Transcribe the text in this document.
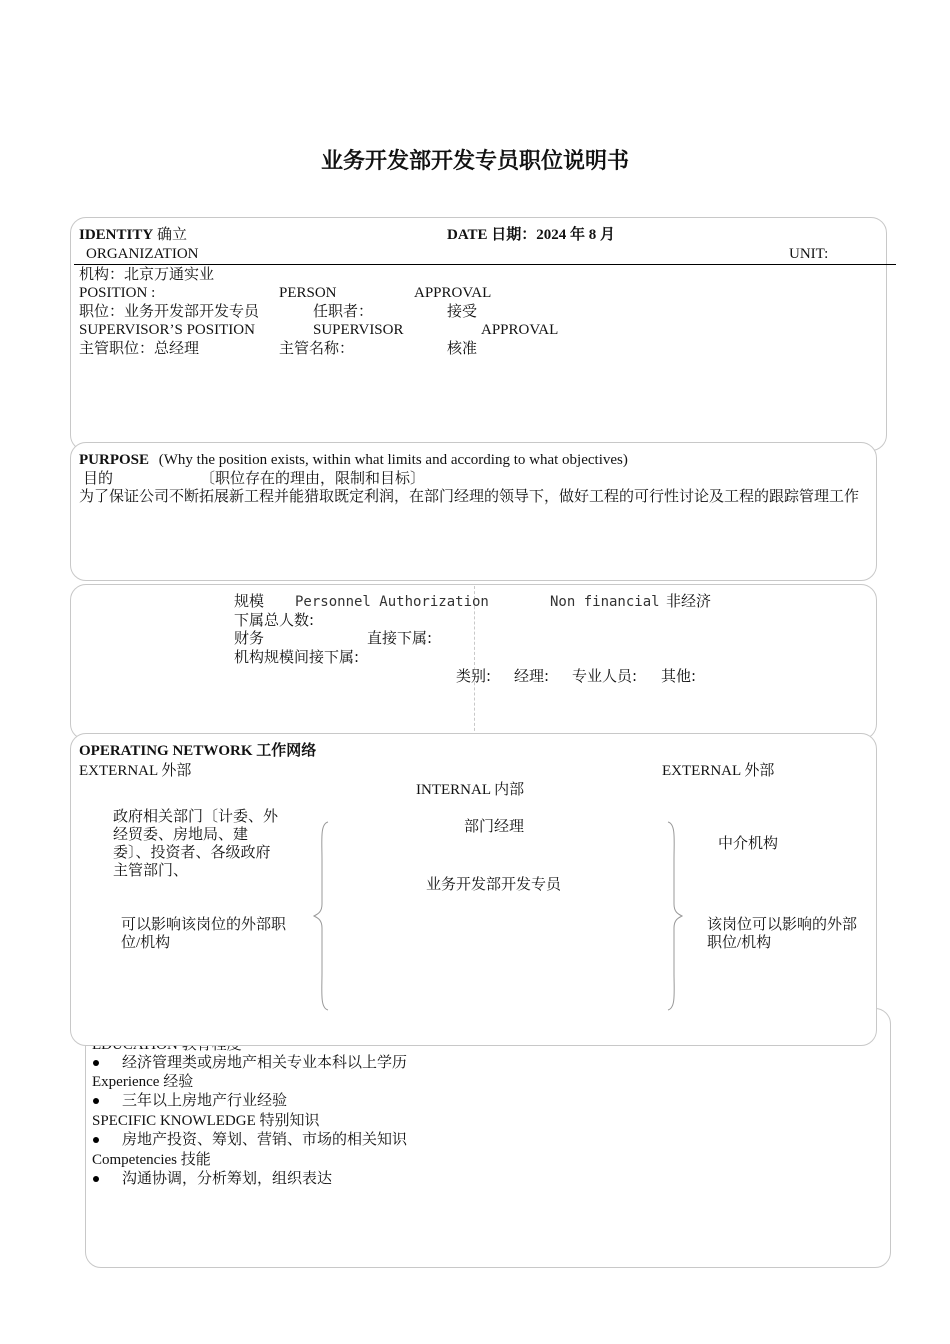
业务开发部开发专员职位说明书
经济管理类或房地产相关专业本科以上学历
Experience 经验
三年以上房地产行业经验
SPECIFIC KNOWLEDGE 特别知识
房地产投资、筹划、营销、市场的相关知识
Competencies 技能
沟通协调，分析筹划，组织表达
IDENTITY 确立	DATE 日期：2024 年 8 月
ORGANIZATION	UNIT:
机构：北京万通实业
POSITION :	PERSON	APPROVAL
职位：业务开发部开发专员	任职者：	接受
SUPERVISOR’S POSITION	SUPERVISOR	APPROVAL
主管职位：总经理	主管名称：	核准
PURPOSE (Why the position exists, within what limits and according to what objectives)
目的	〔职位存在的理由，限制和目标〕
为了保证公司不断拓展新工程并能猎取既定利润，在部门经理的领导下，做好工程的可行性讨论及工程的跟踪管理工作
规模 Personnel Authorization	Non financial 非经济
下属总人数:
财务	直接下属:
机构规模间接下属:
类别: 经理: 专业人员: 其他:
OPERATING NETWORK 工作网络
EXTERNAL 外部	EXTERNAL 外部
INTERNAL 内部
政府相关部门〔计委、外经贸委、房地局、建委〕、投资者、各级政府主管部门、
可以影响该岗位的外部职位/机构
部门经理
业务开发部开发专员
中介机构
该岗位可以影响的外部职位/机构
